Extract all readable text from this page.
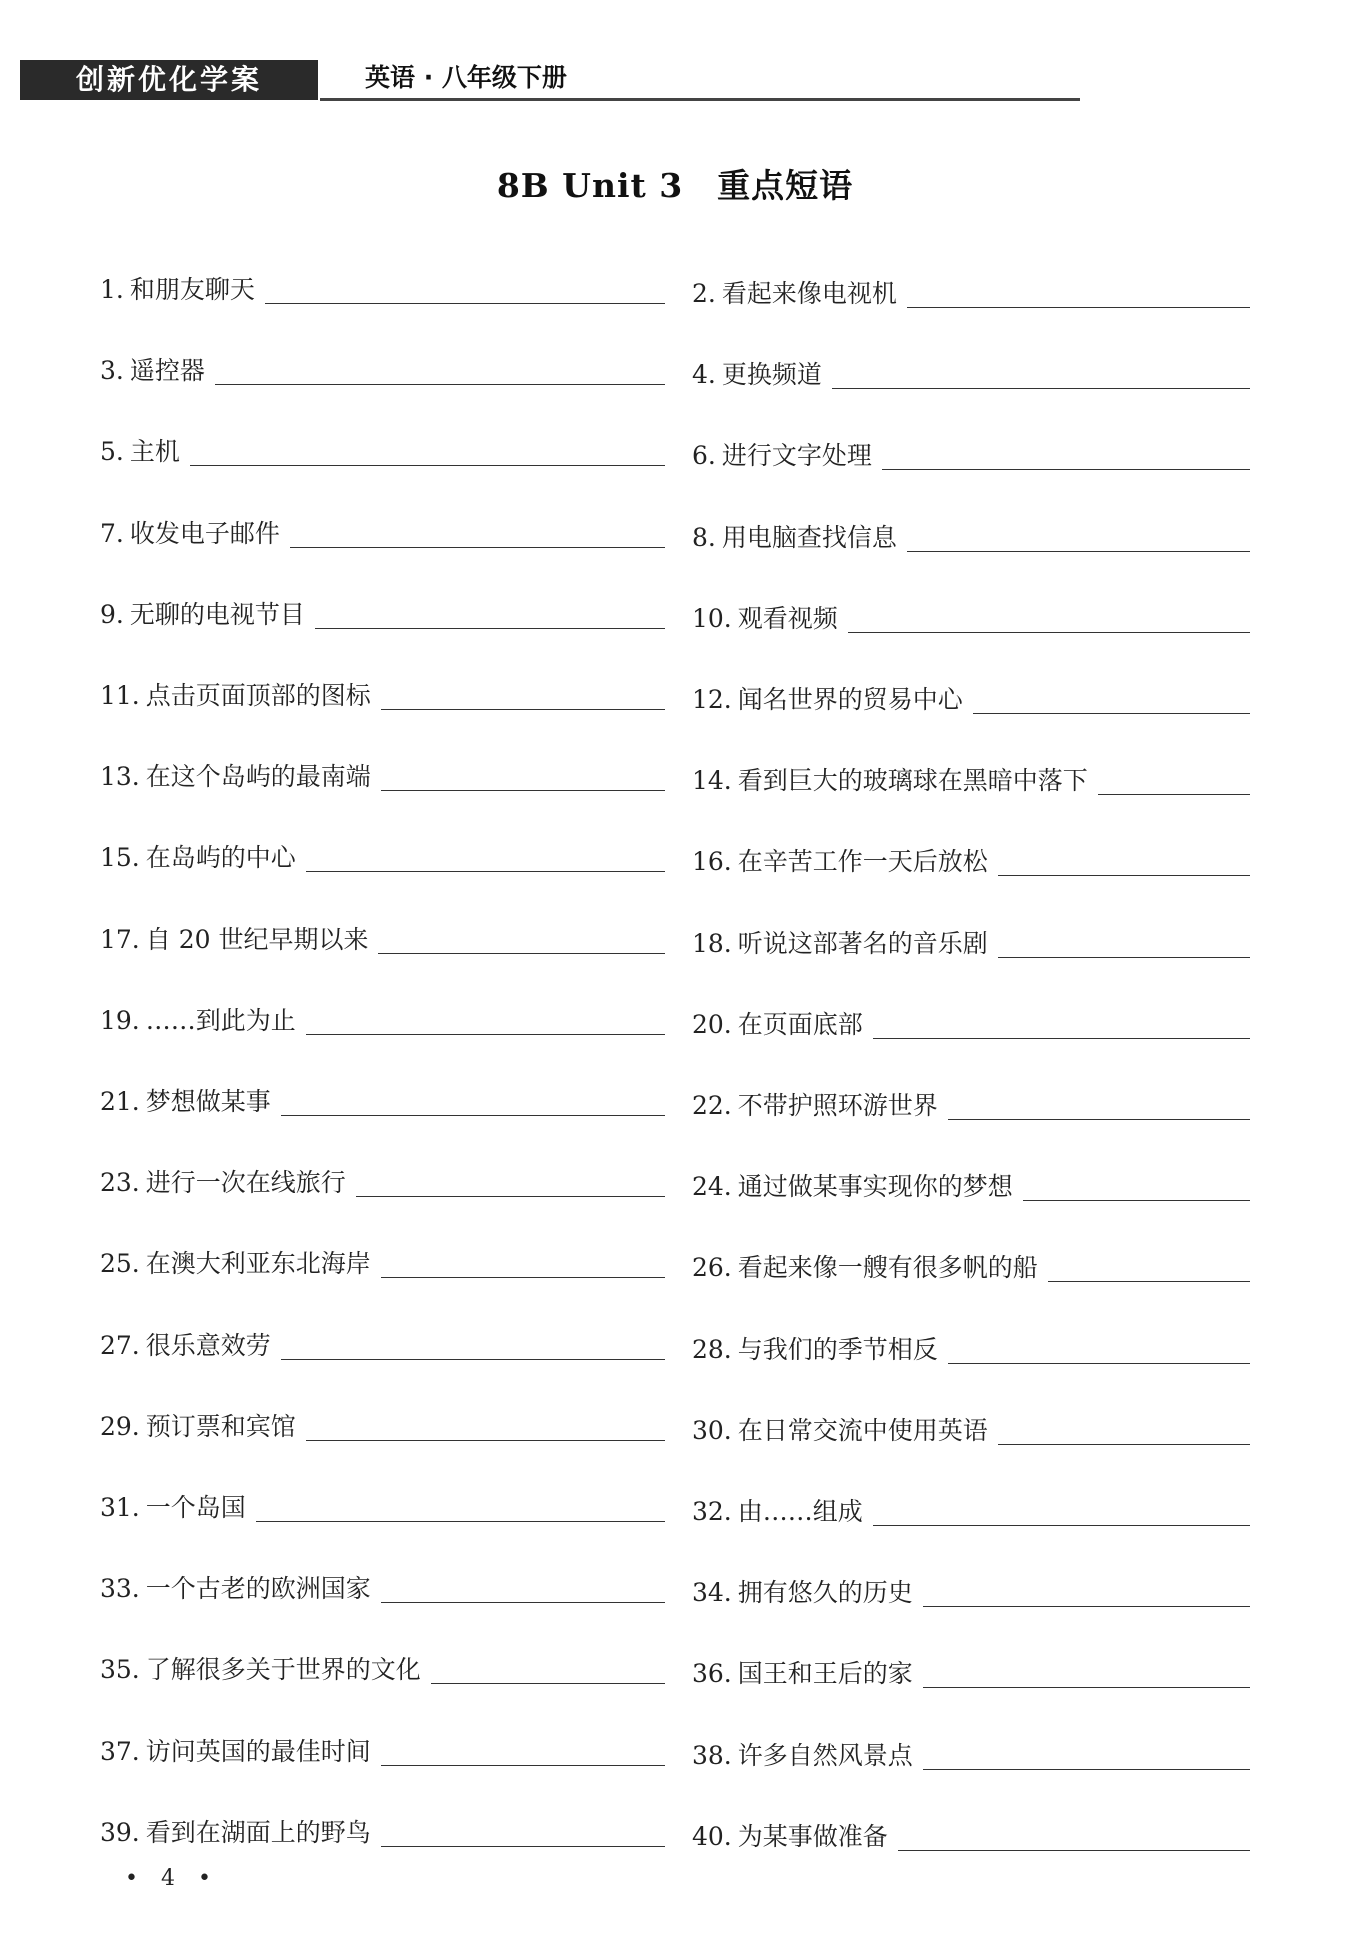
创新优化学案	英语 · 八年级下册
8B Unit 3　重点短语
1. 和朋友聊天	2. 看起来像电视机
3. 遥控器	4. 更换频道
5. 主机	6. 进行文字处理
7. 收发电子邮件	8. 用电脑查找信息
9. 无聊的电视节目	10. 观看视频
11. 点击页面顶部的图标	12. 闻名世界的贸易中心
13. 在这个岛屿的最南端	14. 看到巨大的玻璃球在黑暗中落下
15. 在岛屿的中心	16. 在辛苦工作一天后放松
17. 自 20 世纪早期以来	18. 听说这部著名的音乐剧
19. ……到此为止	20. 在页面底部
21. 梦想做某事	22. 不带护照环游世界
23. 进行一次在线旅行	24. 通过做某事实现你的梦想
25. 在澳大利亚东北海岸	26. 看起来像一艘有很多帆的船
27. 很乐意效劳	28. 与我们的季节相反
29. 预订票和宾馆	30. 在日常交流中使用英语
31. 一个岛国	32. 由……组成
33. 一个古老的欧洲国家	34. 拥有悠久的历史
35. 了解很多关于世界的文化	36. 国王和王后的家
37. 访问英国的最佳时间	38. 许多自然风景点
39. 看到在湖面上的野鸟	40. 为某事做准备
• 4 •
